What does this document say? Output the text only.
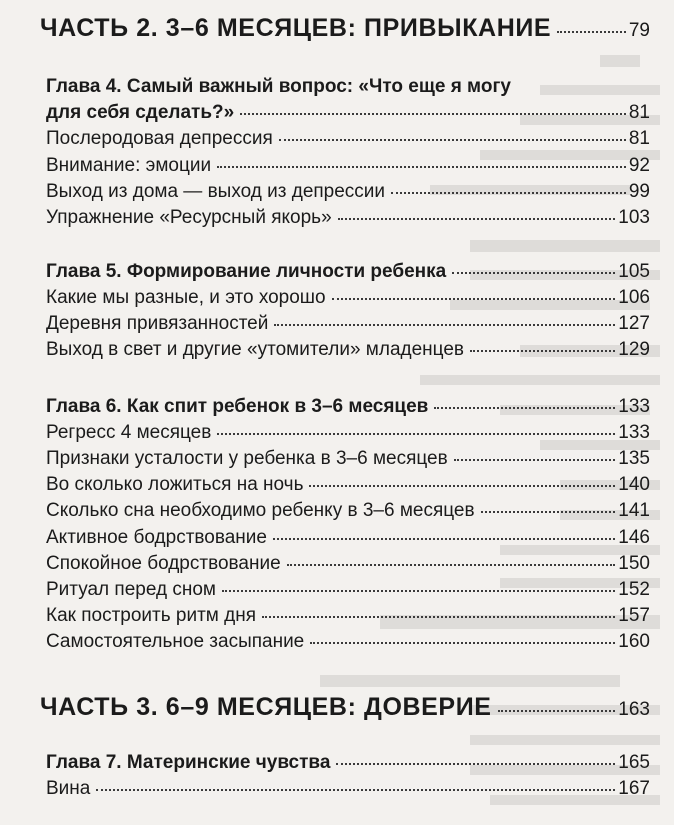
ЧАСТЬ 2. 3–6 МЕСЯЦЕВ: ПРИВЫКАНИЕ	79
Глава 4. Самый важный вопрос: «Что еще я могу
для себя сделать?»	81
Послеродовая депрессия	81
Внимание: эмоции	92
Выход из дома — выход из депрессии	99
Упражнение «Ресурсный якорь»	103
Глава 5. Формирование личности ребенка	105
Какие мы разные, и это хорошо	106
Деревня привязанностей	127
Выход в свет и другие «утомители» младенцев	129
Глава 6. Как спит ребенок в 3–6 месяцев	133
Регресс 4 месяцев	133
Признаки усталости у ребенка в 3–6 месяцев	135
Во сколько ложиться на ночь	140
Сколько сна необходимо ребенку в 3–6 месяцев	141
Активное бодрствование	146
Спокойное бодрствование	150
Ритуал перед сном	152
Как построить ритм дня	157
Самостоятельное засыпание	160
ЧАСТЬ 3. 6–9 МЕСЯЦЕВ: ДОВЕРИЕ	163
Глава 7. Материнские чувства	165
Вина	167
